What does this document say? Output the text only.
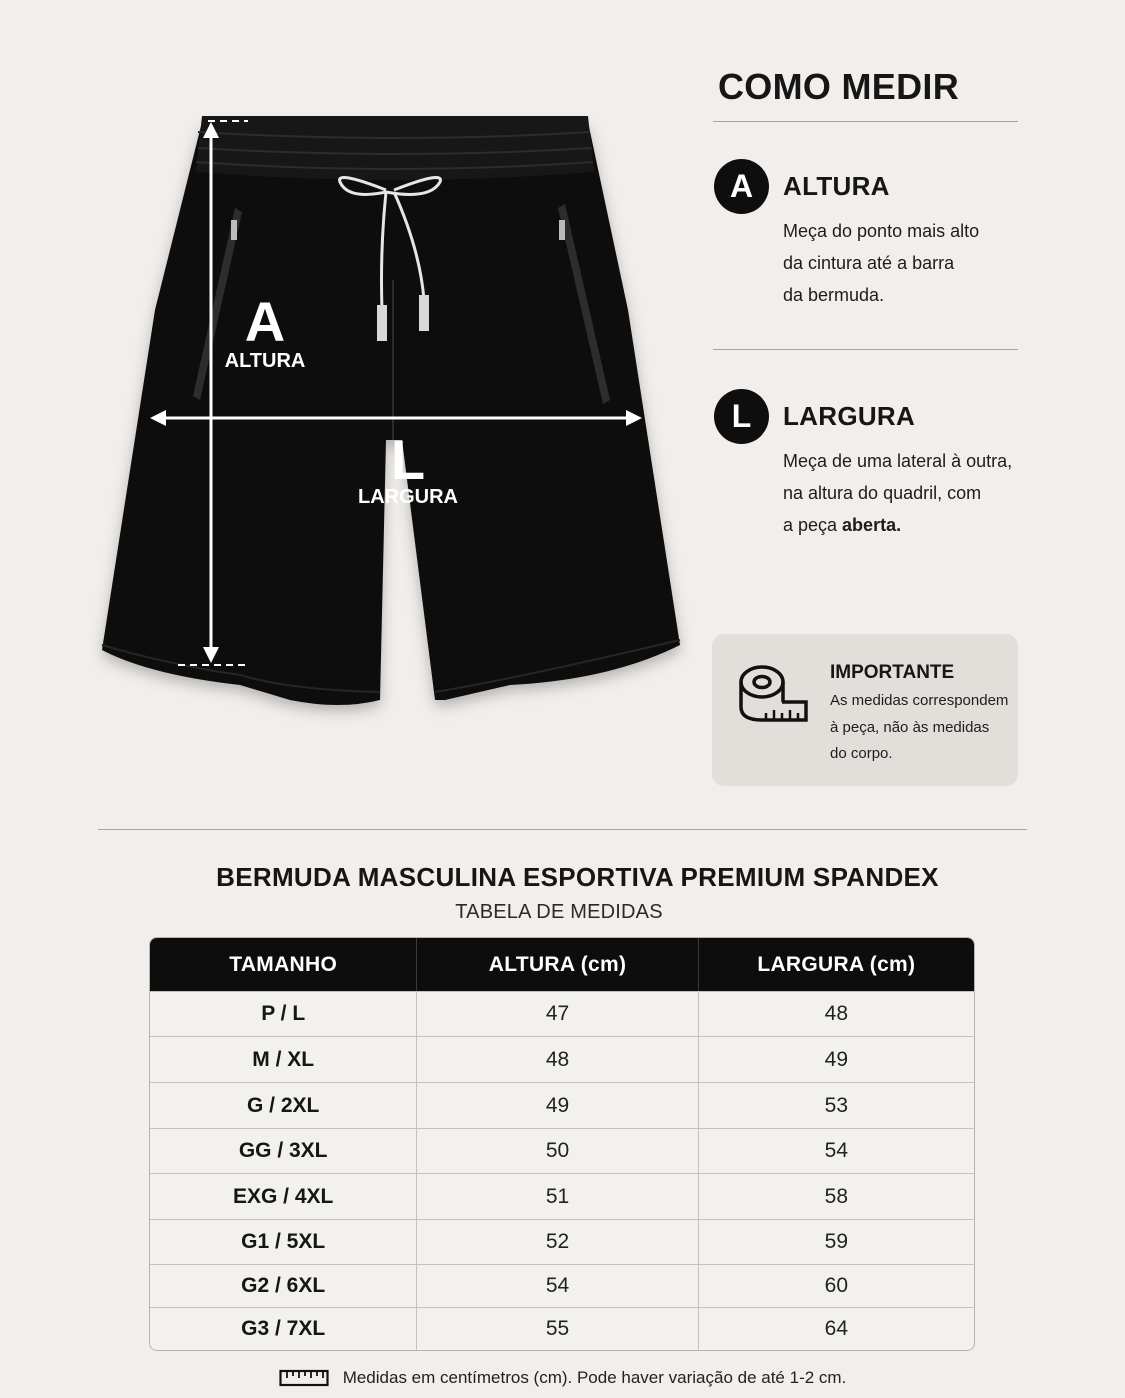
A
ALTURA
L
LARGURA
COMO MEDIR
A	ALTURA
Meça do ponto mais alto
da cintura até a barra
da bermuda.
L	LARGURA
Meça de uma lateral à outra,
na altura do quadril, com
a peça aberta.
IMPORTANTE
As medidas correspondem
à peça, não às medidas
do corpo.
BERMUDA MASCULINA ESPORTIVA PREMIUM SPANDEX
TABELA DE MEDIDAS
TAMANHO	ALTURA (cm)	LARGURA (cm)
P / L	47	48
M / XL	48	49
G / 2XL	49	53
GG / 3XL	50	54
EXG / 4XL	51	58
G1 / 5XL	52	59
G2 / 6XL	54	60
G3 / 7XL	55	64
Medidas em centímetros (cm). Pode haver variação de até 1-2 cm.
